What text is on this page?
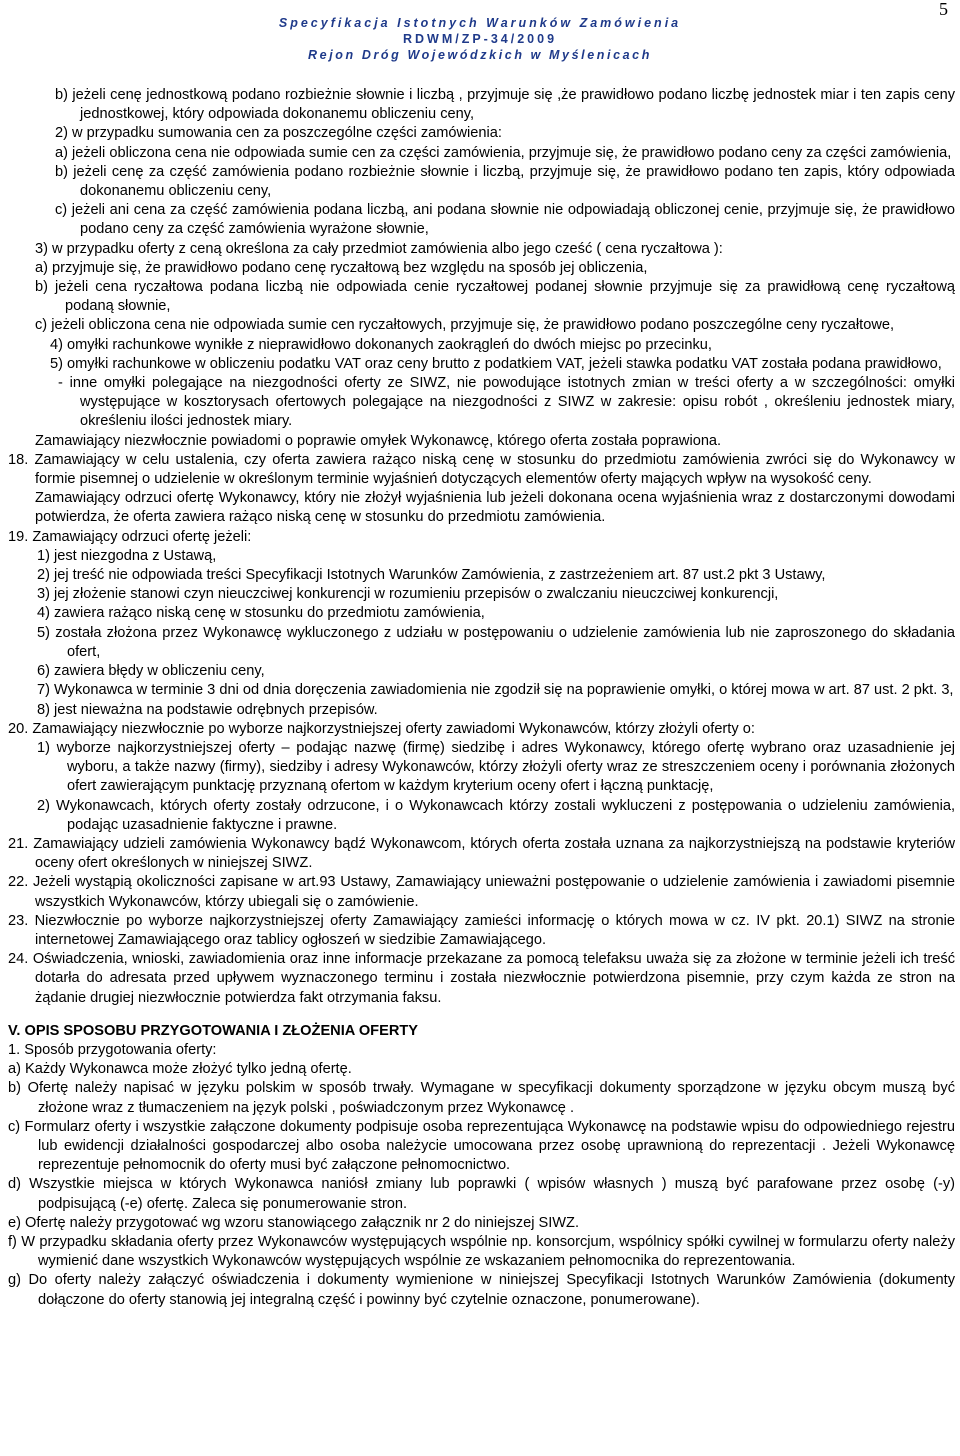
5
Specyfikacja Istotnych Warunków Zamówienia
RDWM/ZP-34/2009
Rejon Dróg Wojewódzkich w Myślenicach
b) jeżeli cenę jednostkową podano rozbieżnie słownie i liczbą , przyjmuje się ,że prawidłowo podano liczbę jednostek miar i ten zapis ceny jednostkowej, który odpowiada dokonanemu obliczeniu ceny,
2) w przypadku sumowania cen za poszczególne części zamówienia:
a) jeżeli obliczona cena nie odpowiada sumie cen za części zamówienia, przyjmuje się, że prawidłowo podano ceny za części zamówienia,
b) jeżeli cenę za część zamówienia podano rozbieżnie słownie i liczbą, przyjmuje się, że prawidłowo podano ten zapis, który odpowiada dokonanemu obliczeniu ceny,
c) jeżeli ani cena za część zamówienia podana liczbą, ani podana słownie nie odpowiadają obliczonej cenie, przyjmuje się, że prawidłowo podano ceny za część zamówienia wyrażone słownie,
3) w przypadku oferty z ceną określona za cały przedmiot zamówienia albo jego cześć ( cena ryczałtowa ):
a) przyjmuje się, że prawidłowo podano cenę ryczałtową bez względu na sposób jej obliczenia,
b) jeżeli cena ryczałtowa podana liczbą nie odpowiada cenie ryczałtowej podanej słownie przyjmuje się za prawidłową cenę ryczałtową podaną słownie,
c) jeżeli obliczona cena nie odpowiada sumie cen ryczałtowych, przyjmuje się, że prawidłowo podano poszczególne ceny ryczałtowe,
4) omyłki rachunkowe wynikłe z nieprawidłowo dokonanych zaokrągleń do dwóch miejsc po przecinku,
5) omyłki rachunkowe w obliczeniu podatku VAT oraz ceny brutto z podatkiem VAT, jeżeli stawka podatku VAT została podana prawidłowo,
- inne omyłki polegające na niezgodności oferty ze SIWZ, nie powodujące istotnych zmian w treści oferty a w szczególności: omyłki występujące w kosztorysach ofertowych polegające na niezgodności z SIWZ w zakresie: opisu robót , określeniu jednostek miary, określeniu ilości jednostek miary.
Zamawiający niezwłocznie powiadomi o poprawie omyłek Wykonawcę, którego oferta została poprawiona.
18. Zamawiający w celu ustalenia, czy oferta zawiera rażąco niską cenę w stosunku do przedmiotu zamówienia zwróci się do Wykonawcy w formie pisemnej o udzielenie w określonym terminie wyjaśnień dotyczących elementów oferty mających wpływ na wysokość ceny.
Zamawiający odrzuci ofertę Wykonawcy, który nie złożył wyjaśnienia lub jeżeli dokonana ocena wyjaśnienia wraz z dostarczonymi dowodami potwierdza, że oferta zawiera rażąco niską cenę w stosunku do przedmiotu zamówienia.
19. Zamawiający odrzuci ofertę jeżeli:
1) jest niezgodna z Ustawą,
2) jej treść nie odpowiada treści Specyfikacji Istotnych Warunków Zamówienia, z zastrzeżeniem art. 87 ust.2 pkt 3 Ustawy,
3) jej złożenie stanowi czyn nieuczciwej konkurencji w rozumieniu przepisów o zwalczaniu nieuczciwej konkurencji,
4) zawiera rażąco niską cenę w stosunku do przedmiotu zamówienia,
5) została złożona przez Wykonawcę wykluczonego z udziału w postępowaniu o udzielenie zamówienia lub nie zaproszonego do składania ofert,
6) zawiera błędy w obliczeniu ceny,
7) Wykonawca w terminie 3 dni od dnia doręczenia zawiadomienia nie zgodził się na poprawienie omyłki, o której mowa w art. 87 ust. 2 pkt. 3,
8) jest nieważna na podstawie odrębnych przepisów.
20. Zamawiający niezwłocznie po wyborze najkorzystniejszej oferty zawiadomi Wykonawców, którzy złożyli oferty o:
1) wyborze najkorzystniejszej oferty – podając nazwę (firmę) siedzibę i adres Wykonawcy, którego ofertę wybrano oraz uzasadnienie jej wyboru, a także nazwy (firmy), siedziby i adresy Wykonawców, którzy złożyli oferty wraz ze streszczeniem oceny i porównania złożonych ofert zawierającym punktację przyznaną ofertom w każdym kryterium oceny ofert i łączną punktację,
2) Wykonawcach, których oferty zostały odrzucone, i o Wykonawcach którzy zostali wykluczeni z postępowania o udzieleniu zamówienia, podając uzasadnienie faktyczne i prawne.
21. Zamawiający udzieli zamówienia Wykonawcy bądź Wykonawcom, których oferta została uznana za najkorzystniejszą na podstawie kryteriów oceny ofert określonych w niniejszej SIWZ.
22. Jeżeli wystąpią okoliczności zapisane w art.93 Ustawy, Zamawiający unieważni postępowanie o udzielenie zamówienia i zawiadomi pisemnie wszystkich Wykonawców, którzy ubiegali się o zamówienie.
23. Niezwłocznie po wyborze najkorzystniejszej oferty Zamawiający zamieści informację o których mowa w cz. IV pkt. 20.1) SIWZ na stronie internetowej Zamawiającego oraz tablicy ogłoszeń w siedzibie Zamawiającego.
24. Oświadczenia, wnioski, zawiadomienia oraz inne informacje przekazane za pomocą telefaksu uważa się za złożone w terminie jeżeli ich treść dotarła do adresata przed upływem wyznaczonego terminu i została niezwłocznie potwierdzona pisemnie, przy czym każda ze stron na żądanie drugiej niezwłocznie potwierdza fakt otrzymania faksu.
V. OPIS SPOSOBU PRZYGOTOWANIA I ZŁOŻENIA OFERTY
1. Sposób przygotowania oferty:
a) Każdy Wykonawca może złożyć tylko jedną ofertę.
b) Ofertę należy napisać w języku polskim w sposób trwały. Wymagane w specyfikacji dokumenty sporządzone w języku obcym muszą być złożone wraz z tłumaczeniem na język polski , poświadczonym przez Wykonawcę .
c) Formularz oferty i wszystkie załączone dokumenty podpisuje osoba reprezentująca Wykonawcę na podstawie wpisu do odpowiedniego rejestru lub ewidencji działalności gospodarczej albo osoba należycie umocowana przez osobę uprawnioną do reprezentacji . Jeżeli Wykonawcę reprezentuje pełnomocnik do oferty musi być załączone pełnomocnictwo.
d) Wszystkie miejsca w których Wykonawca naniósł zmiany lub poprawki ( wpisów własnych ) muszą być parafowane przez osobę (-y) podpisującą (-e) ofertę. Zaleca się ponumerowanie stron.
e) Ofertę należy przygotować wg wzoru stanowiącego załącznik nr 2 do niniejszej SIWZ.
f) W przypadku składania oferty przez Wykonawców występujących wspólnie np. konsorcjum, wspólnicy spółki cywilnej w formularzu oferty należy wymienić dane wszystkich Wykonawców występujących wspólnie ze wskazaniem pełnomocnika do reprezentowania.
g) Do oferty należy załączyć oświadczenia i dokumenty wymienione w niniejszej Specyfikacji Istotnych Warunków Zamówienia (dokumenty dołączone do oferty stanowią jej integralną część i powinny być czytelnie oznaczone, ponumerowane).
